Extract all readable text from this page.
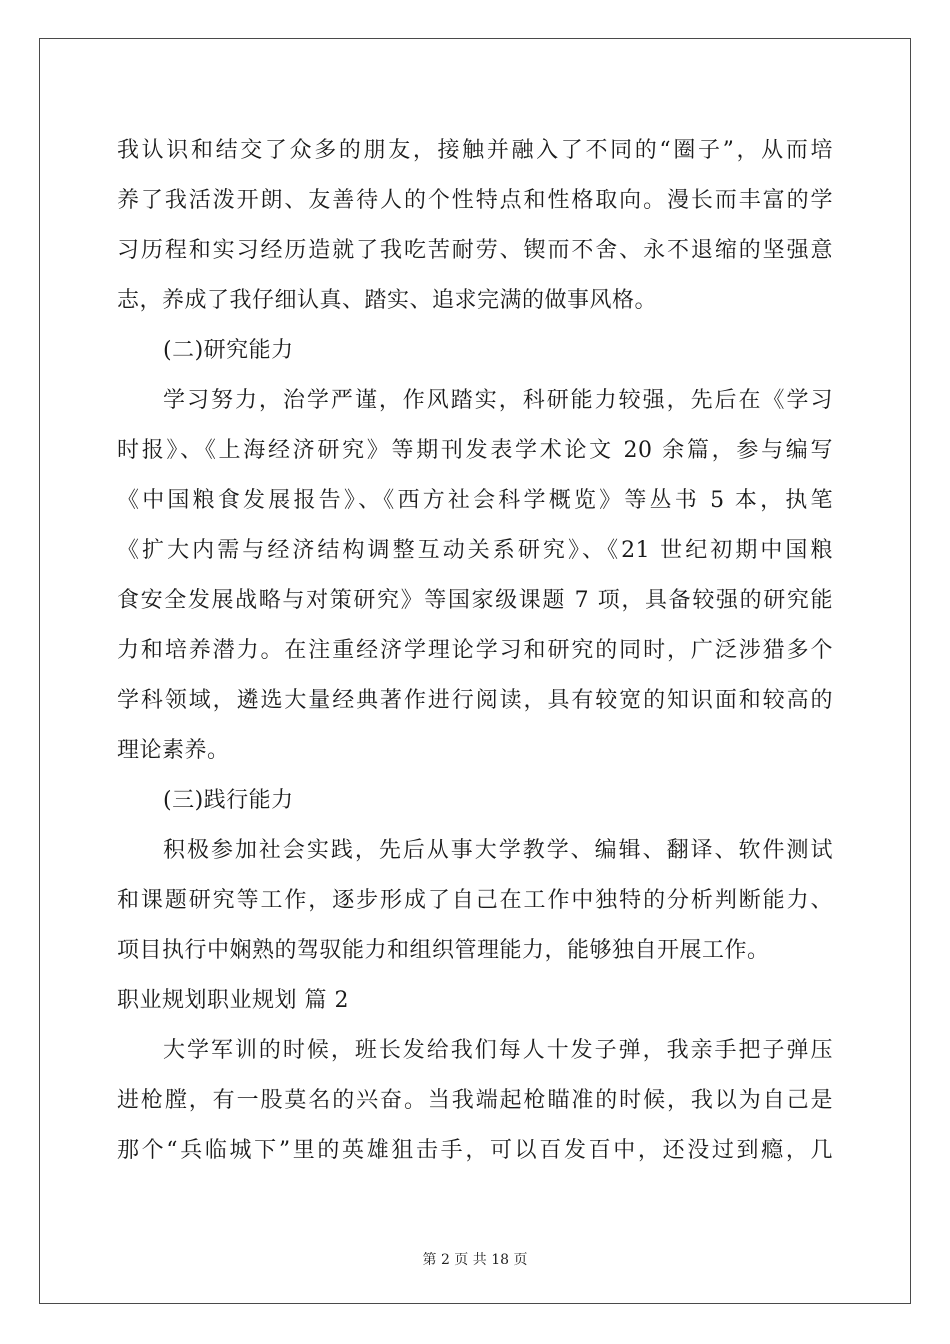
我认识和结交了众多的朋友，接触并融入了不同的“圈子”，从而培
养了我活泼开朗、友善待人的个性特点和性格取向。漫长而丰富的学
习历程和实习经历造就了我吃苦耐劳、锲而不舍、永不退缩的坚强意
志，养成了我仔细认真、踏实、追求完满的做事风格。
(二)研究能力
学习努力，治学严谨，作风踏实，科研能力较强，先后在《学习
时报》、《上海经济研究》等期刊发表学术论文 20 余篇，参与编写
《中国粮食发展报告》、《西方社会科学概览》等丛书 5 本，执笔
《扩大内需与经济结构调整互动关系研究》、《21 世纪初期中国粮
食安全发展战略与对策研究》等国家级课题 7 项，具备较强的研究能
力和培养潜力。在注重经济学理论学习和研究的同时，广泛涉猎多个
学科领域，遴选大量经典著作进行阅读，具有较宽的知识面和较高的
理论素养。
(三)践行能力
积极参加社会实践，先后从事大学教学、编辑、翻译、软件测试
和课题研究等工作，逐步形成了自己在工作中独特的分析判断能力、
项目执行中娴熟的驾驭能力和组织管理能力，能够独自开展工作。
职业规划职业规划 篇 2
大学军训的时候，班长发给我们每人十发子弹，我亲手把子弹压
进枪膛，有一股莫名的兴奋。当我端起枪瞄准的时候，我以为自己是
那个“兵临城下”里的英雄狙击手，可以百发百中，还没过到瘾，几
第 2 页 共 18 页
